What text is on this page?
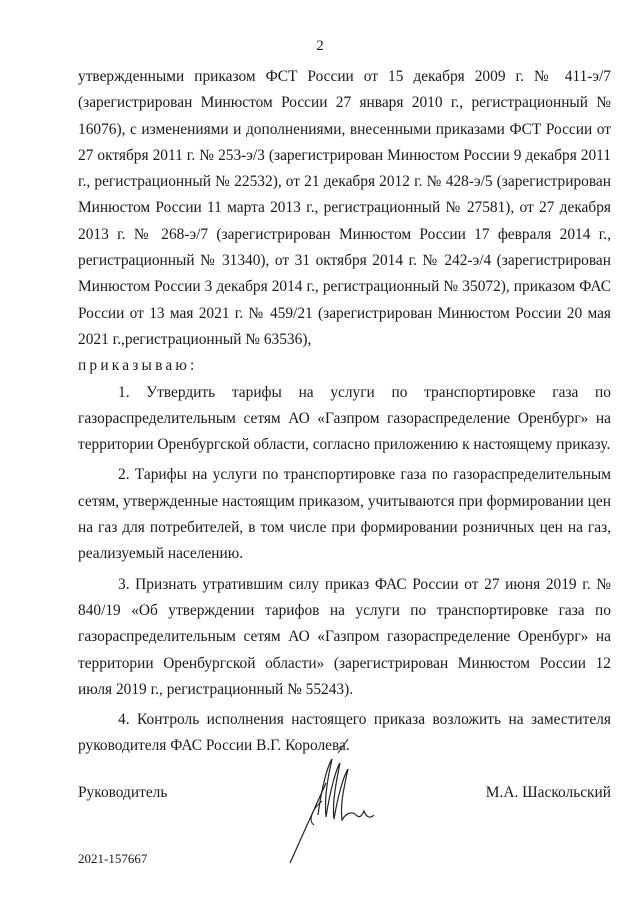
2

утвержденными приказом ФСТ России от 15 декабря 2009 г. № 411-э/7 (зарегистрирован Минюстом России 27 января 2010 г., регистрационный № 16076), с изменениями и дополнениями, внесенными приказами ФСТ России от 27 октября 2011 г. № 253-э/3 (зарегистрирован Минюстом России 9 декабря 2011 г., регистрационный № 22532), от 21 декабря 2012 г. № 428-э/5 (зарегистрирован Минюстом России 11 марта 2013 г., регистрационный № 27581), от 27 декабря 2013 г. № 268-э/7 (зарегистрирован Минюстом России 17 февраля 2014 г., регистрационный № 31340), от 31 октября 2014 г. № 242-э/4 (зарегистрирован Минюстом России 3 декабря 2014 г., регистрационный № 35072), приказом ФАС России от 13 мая 2021 г. № 459/21 (зарегистрирован Минюстом России 20 мая 2021 г.,регистрационный № 63536),

приказываю:

1. Утвердить тарифы на услуги по транспортировке газа по газораспределительным сетям АО «Газпром газораспределение Оренбург» на территории Оренбургской области, согласно приложению к настоящему приказу.

2. Тарифы на услуги по транспортировке газа по газораспределительным сетям, утвержденные настоящим приказом, учитываются при формировании цен на газ для потребителей, в том числе при формировании розничных цен на газ, реализуемый населению.

3. Признать утратившим силу приказ ФАС России от 27 июня 2019 г. № 840/19 «Об утверждении тарифов на услуги по транспортировке газа по газораспределительным сетям АО «Газпром газораспределение Оренбург» на территории Оренбургской области» (зарегистрирован Минюстом России 12 июля 2019 г., регистрационный № 55243).

4. Контроль исполнения настоящего приказа возложить на заместителя руководителя ФАС России В.Г. Королева.

Руководитель	М.А. Шаскольский
2021-157667
